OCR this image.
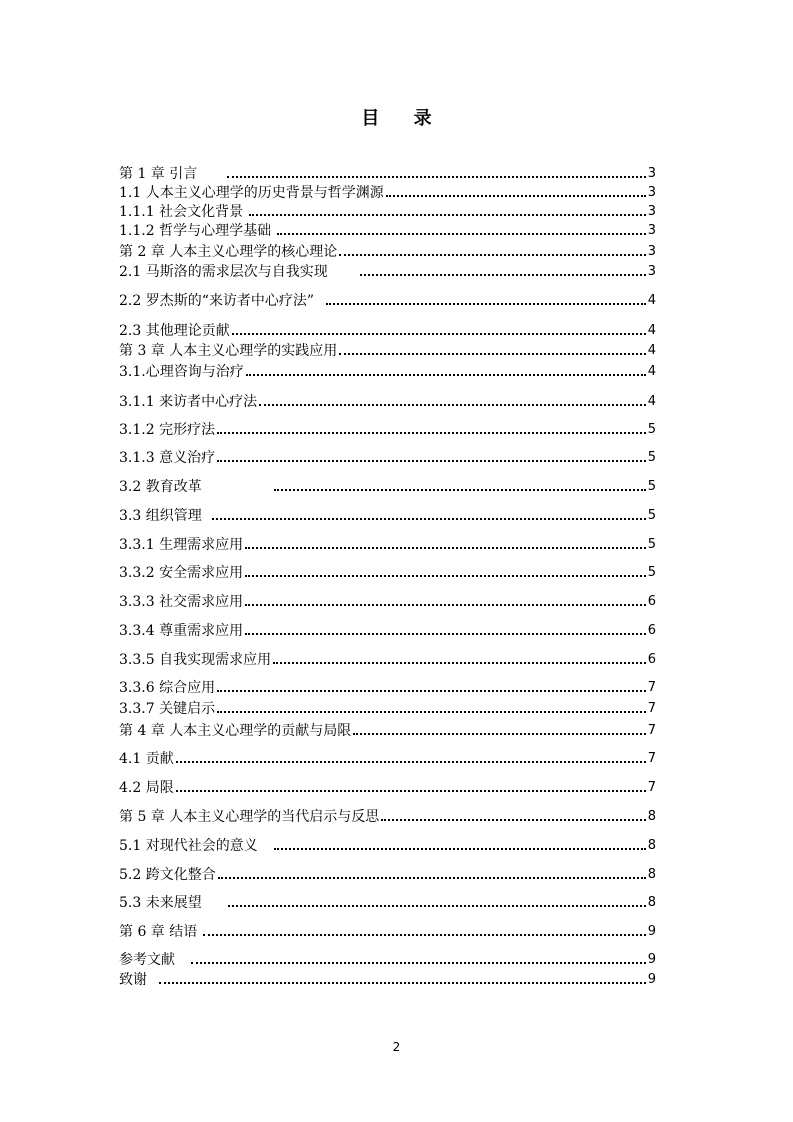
目 录
第 1 章 引言	3
1.1 人本主义心理学的历史背景与哲学渊源	3
1.1.1 社会文化背景	3
1.1.2 哲学与心理学基础	3
第 2 章 人本主义心理学的核心理论	3
2.1 马斯洛的需求层次与自我实现	3
2.2 罗杰斯的“来访者中心疗法”	4
2.3 其他理论贡献	4
第 3 章 人本主义心理学的实践应用	4
3.1.心理咨询与治疗	4
3.1.1 来访者中心疗法	4
3.1.2 完形疗法	5
3.1.3 意义治疗	5
3.2 教育改革	5
3.3 组织管理	5
3.3.1 生理需求应用	5
3.3.2 安全需求应用	5
3.3.3 社交需求应用	6
3.3.4 尊重需求应用	6
3.3.5 自我实现需求应用	6
3.3.6 综合应用	7
3.3.7 关键启示	7
第 4 章 人本主义心理学的贡献与局限	7
4.1 贡献	7
4.2 局限	7
第 5 章 人本主义心理学的当代启示与反思	8
5.1 对现代社会的意义	8
5.2 跨文化整合	8
5.3 未来展望	8
第 6 章 结语	9
参考文献	9
致谢	9
2
